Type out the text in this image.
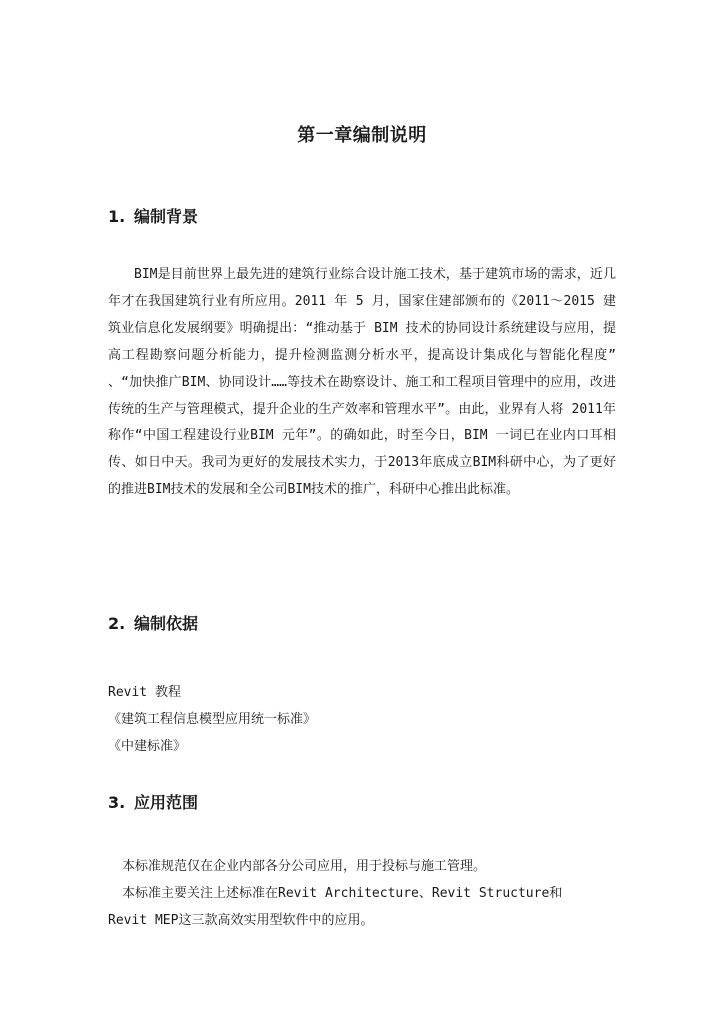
第一章编制说明
1. 编制背景
BIM是目前世界上最先进的建筑行业综合设计施工技术，基于建筑市场的需求，近几年才在我国建筑行业有所应用。2011 年 5 月，国家住建部颁布的《2011～2015 建筑业信息化发展纲要》明确提出：“推动基于 BIM 技术的协同设计系统建设与应用，提高工程勘察问题分析能力，提升检测监测分析水平，提高设计集成化与智能化程度” 、“加快推广BIM、协同设计……等技术在勘察设计、施工和工程项目管理中的应用，改进传统的生产与管理模式，提升企业的生产效率和管理水平”。由此，业界有人将 2011年称作“中国工程建设行业BIM 元年”。的确如此，时至今日，BIM 一词已在业内口耳相传、如日中天。我司为更好的发展技术实力，于2013年底成立BIM科研中心，为了更好的推进BIM技术的发展和全公司BIM技术的推广，科研中心推出此标准。
2. 编制依据
Revit 教程
《建筑工程信息模型应用统一标准》
《中建标准》
3. 应用范围
本标准规范仅在企业内部各分公司应用，用于投标与施工管理。
本标准主要关注上述标准在Revit Architecture、Revit Structure和
Revit MEP这三款高效实用型软件中的应用。
